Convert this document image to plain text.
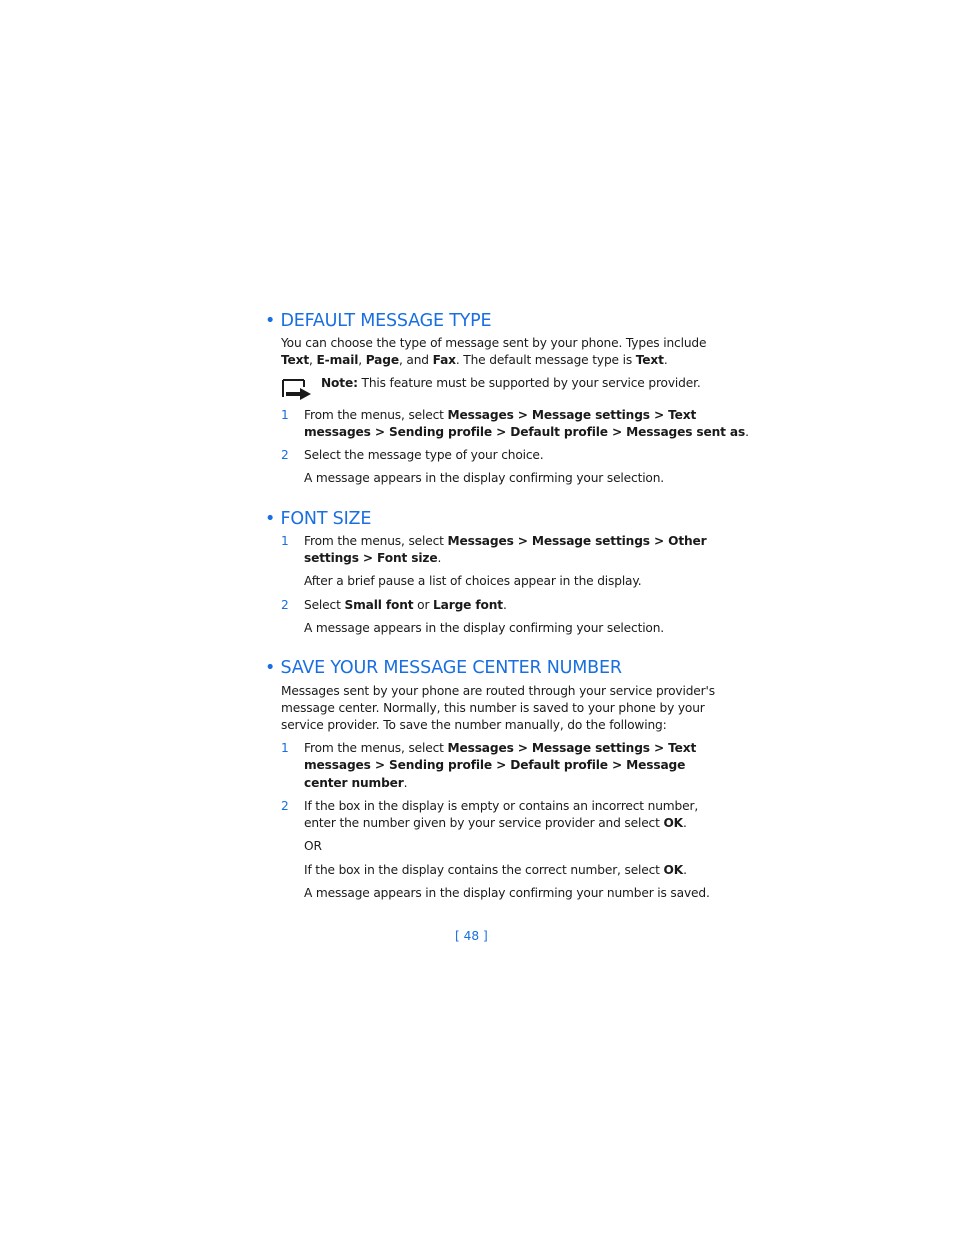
• DEFAULT MESSAGE TYPE
You can choose the type of message sent by your phone. Types include
Text, E-mail, Page, and Fax. The default message type is Text.
Note: This feature must be supported by your service provider.
1 From the menus, select Messages > Message settings > Text
messages > Sending profile > Default profile > Messages sent as.
2 Select the message type of your choice.
A message appears in the display confirming your selection.
• FONT SIZE
1 From the menus, select Messages > Message settings > Other
settings > Font size.
After a brief pause a list of choices appear in the display.
2 Select Small font or Large font.
A message appears in the display confirming your selection.
• SAVE YOUR MESSAGE CENTER NUMBER
Messages sent by your phone are routed through your service provider's
message center. Normally, this number is saved to your phone by your
service provider. To save the number manually, do the following:
1 From the menus, select Messages > Message settings > Text
messages > Sending profile > Default profile > Message
center number.
2 If the box in the display is empty or contains an incorrect number,
enter the number given by your service provider and select OK.
OR
If the box in the display contains the correct number, select OK.
A message appears in the display confirming your number is saved.
[ 48 ]
